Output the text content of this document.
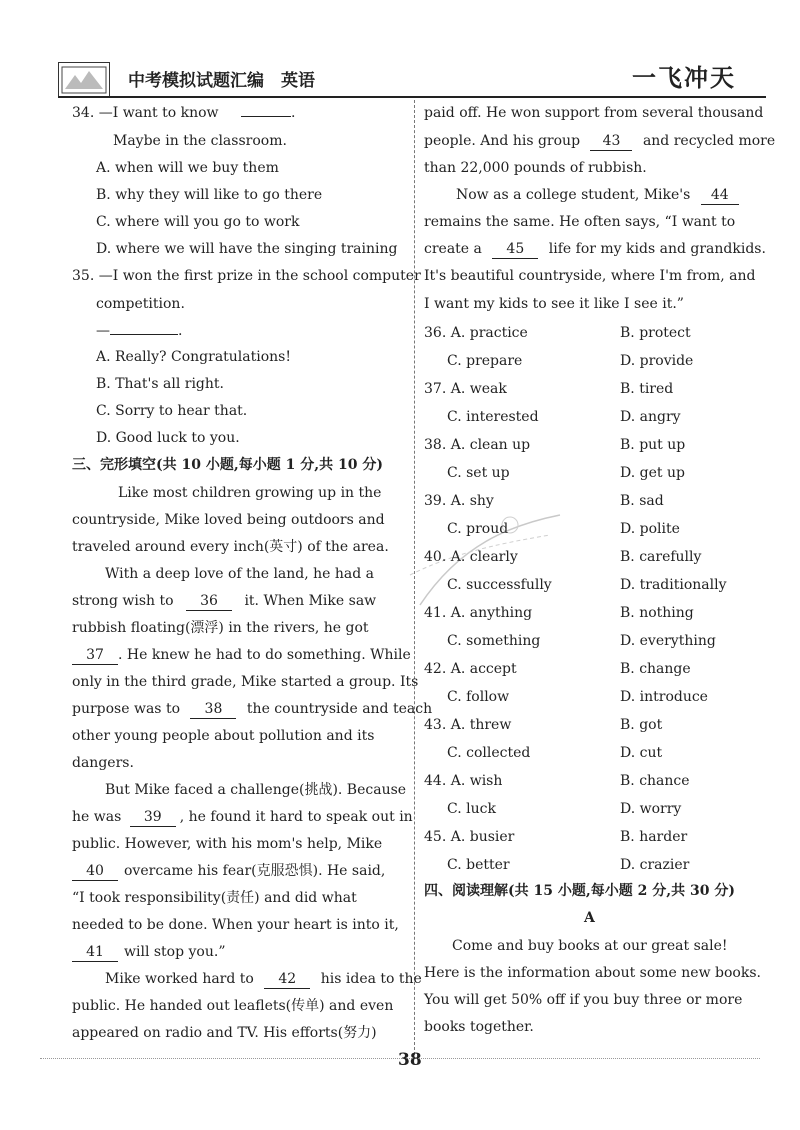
中考模拟试题汇编　英语	一飞冲天
34. —I want to know	.
Maybe in the classroom.
A. when will we buy them
B. why they will like to go there
C. where will you go to work
D. where we will have the singing training
35. —I won the first prize in the school computer
competition.
—	.
A. Really? Congratulations!
B. That's all right.
C. Sorry to hear that.
D. Good luck to you.
三、完形填空(共 10 小题,每小题 1 分,共 10 分)
Like most children growing up in the
countryside, Mike loved being outdoors and
traveled around every inch(英寸) of the area.
With a deep love of the land, he had a
strong wish to 36 it. When Mike saw
rubbish floating(漂浮) in the rivers, he got
37 . He knew he had to do something. While
only in the third grade, Mike started a group. Its
purpose was to 38 the countryside and teach
other young people about pollution and its
dangers.
But Mike faced a challenge(挑战). Because
he was 39 , he found it hard to speak out in
public. However, with his mom's help, Mike
40 overcame his fear(克服恐惧). He said,
“I took responsibility(责任) and did what
needed to be done. When your heart is into it,
41 will stop you.”
Mike worked hard to 42 his idea to the
public. He handed out leaflets(传单) and even
appeared on radio and TV. His efforts(努力)
paid off. He won support from several thousand
people. And his group 43 and recycled more
than 22,000 pounds of rubbish.
Now as a college student, Mike's 44
remains the same. He often says, “I want to
create a 45 life for my kids and grandkids.
It's beautiful countryside, where I'm from, and
I want my kids to see it like I see it.”
36. A. practice	B. protect
C. prepare	D. provide
37. A. weak	B. tired
C. interested	D. angry
38. A. clean up	B. put up
C. set up	D. get up
39. A. shy	B. sad
C. proud	D. polite
40. A. clearly	B. carefully
C. successfully	D. traditionally
41. A. anything	B. nothing
C. something	D. everything
42. A. accept	B. change
C. follow	D. introduce
43. A. threw	B. got
C. collected	D. cut
44. A. wish	B. chance
C. luck	D. worry
45. A. busier	B. harder
C. better	D. crazier
四、阅读理解(共 15 小题,每小题 2 分,共 30 分)
A
Come and buy books at our great sale!
Here is the information about some new books.
You will get 50% off if you buy three or more
books together.
38
